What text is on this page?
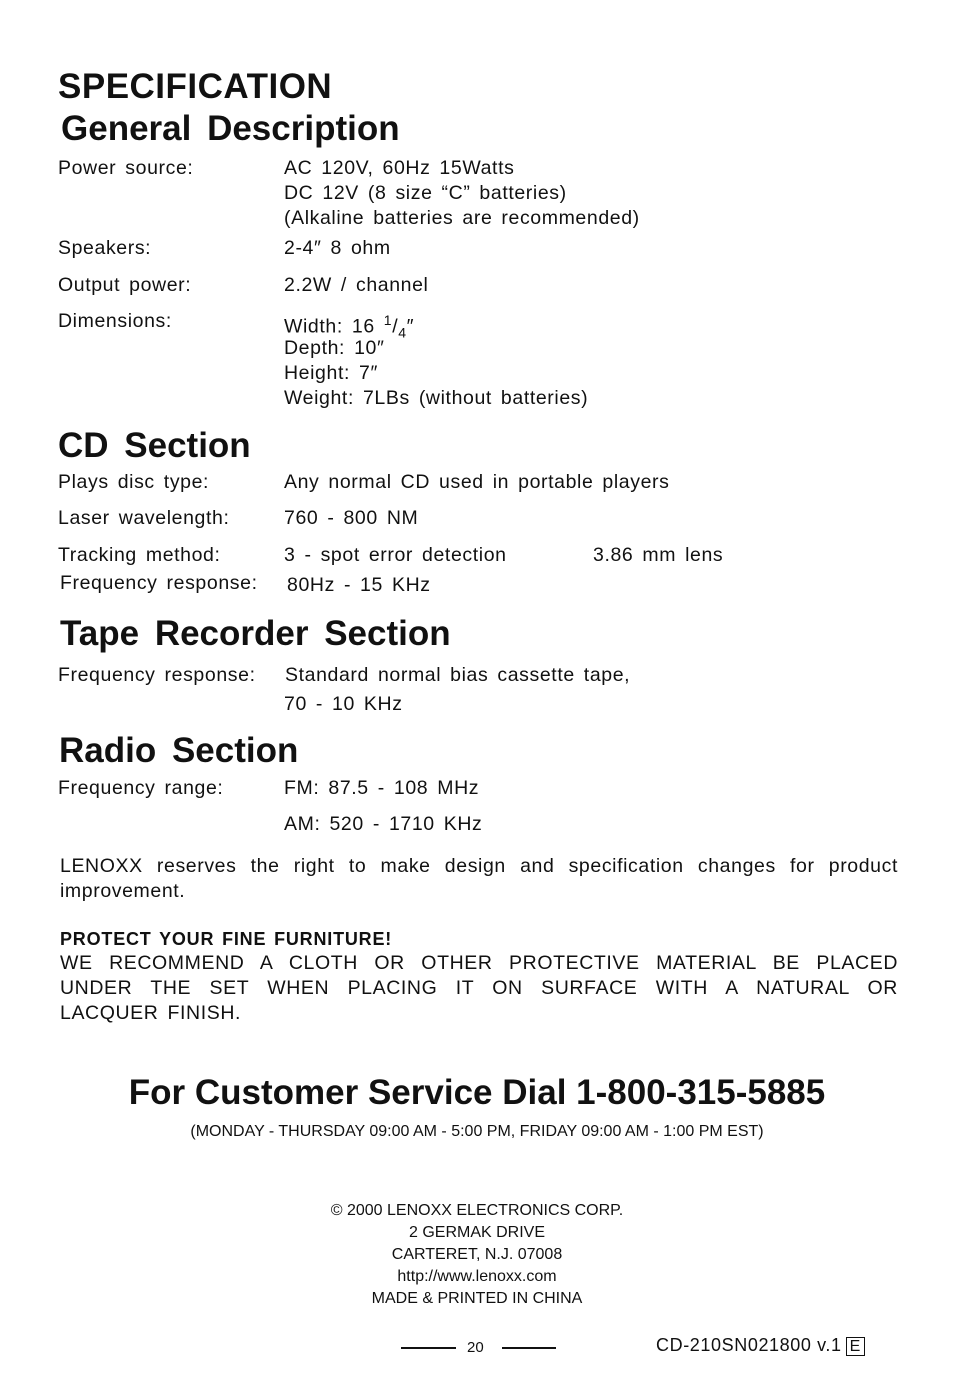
SPECIFICATION
General Description
Power source:	AC 120V, 60Hz 15Watts
DC 12V (8 size “C” batteries)
(Alkaline batteries are recommended)
Speakers:	2-4″ 8 ohm
Output power:	2.2W / channel
Dimensions:	Width: 16 $^1/_4''$
Depth: 10″
Height: 7″
Weight: 7LBs (without batteries)
CD Section
Plays disc type:	Any normal CD used in portable players
Laser wavelength:	760 - 800 NM
Tracking method:	3 - spot error detection	3.86 mm lens
Frequency response: 80Hz - 15 KHz
Tape Recorder Section
Frequency response: Standard normal bias cassette tape,
70 - 10 KHz
Radio Section
Frequency range:	FM: 87.5 - 108 MHz
AM: 520 - 1710 KHz
LENOXX reserves the right to make design and specification changes for product improvement.
PROTECT YOUR FINE FURNITURE!
WE RECOMMEND A CLOTH OR OTHER PROTECTIVE MATERIAL BE PLACED UNDER THE SET WHEN PLACING IT ON SURFACE WITH A NATURAL OR LACQUER FINISH.
For Customer Service Dial 1-800-315-5885
(MONDAY - THURSDAY 09:00 AM - 5:00 PM, FRIDAY 09:00 AM - 1:00 PM EST)
© 2000 LENOXX ELECTRONICS CORP.
2 GERMAK DRIVE
CARTERET, N.J. 07008
http://www.lenoxx.com
MADE & PRINTED IN CHINA
20	CD-210SN021800 v.1 E
